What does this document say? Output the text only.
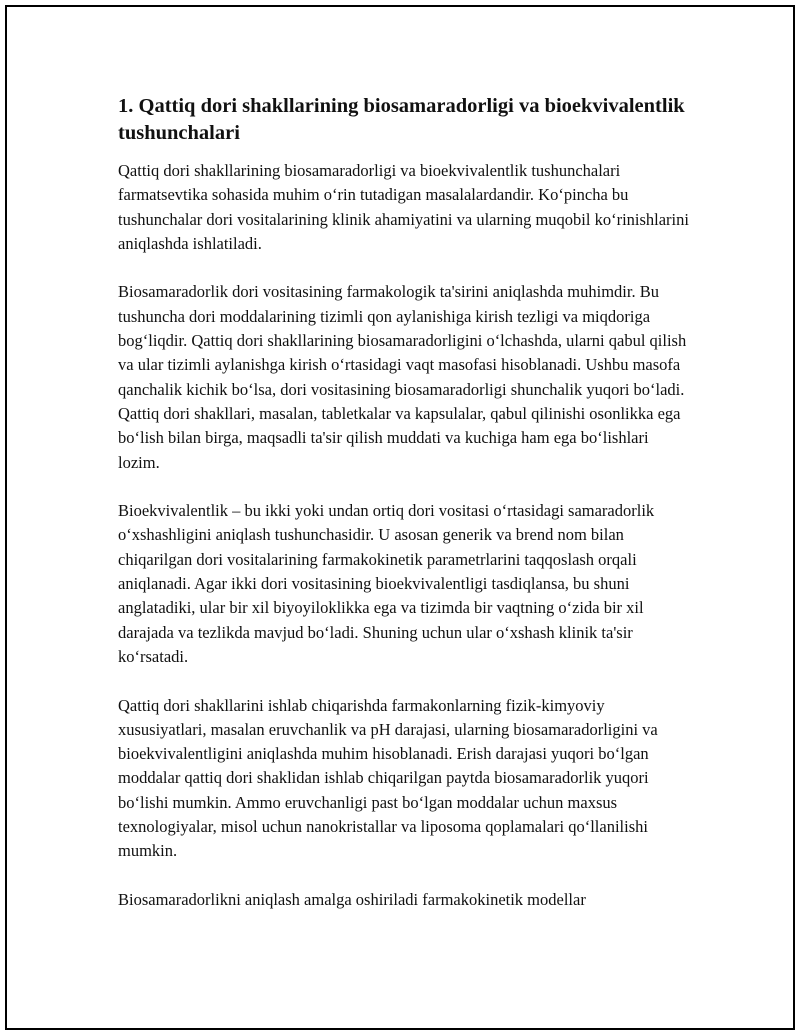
1. Qattiq dori shakllarining biosamaradorligi va bioekvivalentlik tushunchalari

Qattiq dori shakllarining biosamaradorligi va bioekvivalentlik tushunchalari farmatsevtika sohasida muhim o‘rin tutadigan masalalardandir. Ko‘pincha bu tushunchalar dori vositalarining klinik ahamiyatini va ularning muqobil ko‘rinishlarini aniqlashda ishlatiladi.

Biosamaradorlik dori vositasining farmakologik ta'sirini aniqlashda muhimdir. Bu tushuncha dori moddalarining tizimli qon aylanishiga kirish tezligi va miqdoriga bog‘liqdir. Qattiq dori shakllarining biosamaradorligini o‘lchashda, ularni qabul qilish va ular tizimli aylanishga kirish o‘rtasidagi vaqt masofasi hisoblanadi. Ushbu masofa qanchalik kichik bo‘lsa, dori vositasining biosamaradorligi shunchalik yuqori bo‘ladi. Qattiq dori shakllari, masalan, tabletkalar va kapsulalar, qabul qilinishi osonlikka ega bo‘lish bilan birga, maqsadli ta'sir qilish muddati va kuchiga ham ega bo‘lishlari lozim.

Bioekvivalentlik – bu ikki yoki undan ortiq dori vositasi o‘rtasidagi samaradorlik o‘xshashligini aniqlash tushunchasidir. U asosan generik va brend nom bilan chiqarilgan dori vositalarining farmakokinetik parametrlarini taqqoslash orqali aniqlanadi. Agar ikki dori vositasining bioekvivalentligi tasdiqlansa, bu shuni anglatadiki, ular bir xil biyoyiloklikka ega va tizimda bir vaqtning o‘zida bir xil darajada va tezlikda mavjud bo‘ladi. Shuning uchun ular o‘xshash klinik ta'sir ko‘rsatadi.

Qattiq dori shakllarini ishlab chiqarishda farmakonlarning fizik-kimyoviy xususiyatlari, masalan eruvchanlik va pH darajasi, ularning biosamaradorligini va bioekvivalentligini aniqlashda muhim hisoblanadi. Erish darajasi yuqori bo‘lgan moddalar qattiq dori shaklidan ishlab chiqarilgan paytda biosamaradorlik yuqori bo‘lishi mumkin. Ammo eruvchanligi past bo‘lgan moddalar uchun maxsus texnologiyalar, misol uchun nanokristallar va liposoma qoplamalari qo‘llanilishi mumkin.

Biosamaradorlikni aniqlash amalga oshiriladi farmakokinetik modellar
